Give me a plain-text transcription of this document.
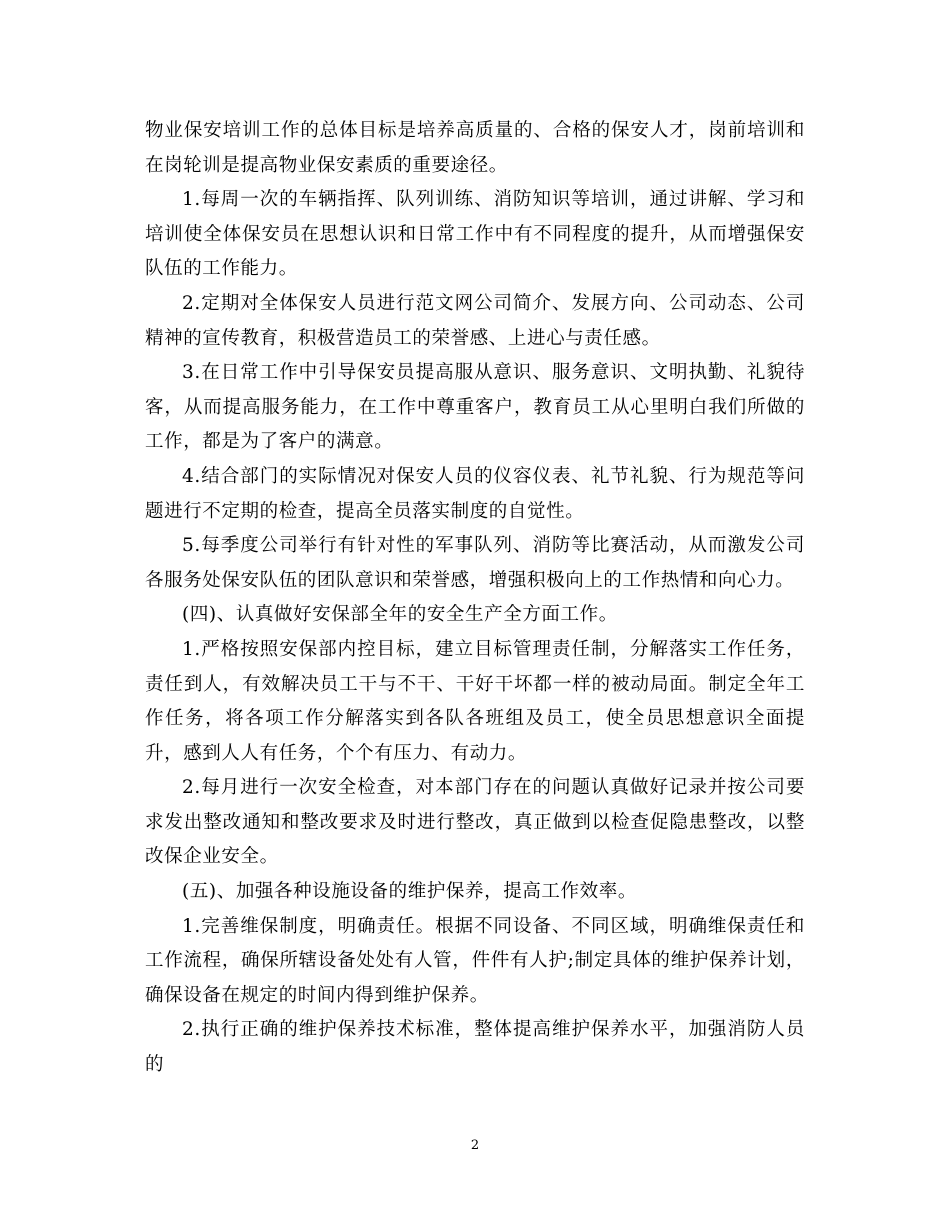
物业保安培训工作的总体目标是培养高质量的、合格的保安人才，岗前培训和在岗轮训是提高物业保安素质的重要途径。

1.每周一次的车辆指挥、队列训练、消防知识等培训，通过讲解、学习和培训使全体保安员在思想认识和日常工作中有不同程度的提升，从而增强保安队伍的工作能力。

2.定期对全体保安人员进行范文网公司简介、发展方向、公司动态、公司精神的宣传教育，积极营造员工的荣誉感、上进心与责任感。

3.在日常工作中引导保安员提高服从意识、服务意识、文明执勤、礼貌待客，从而提高服务能力，在工作中尊重客户，教育员工从心里明白我们所做的工作，都是为了客户的满意。

4.结合部门的实际情况对保安人员的仪容仪表、礼节礼貌、行为规范等问题进行不定期的检查，提高全员落实制度的自觉性。

5.每季度公司举行有针对性的军事队列、消防等比赛活动，从而激发公司各服务处保安队伍的团队意识和荣誉感，增强积极向上的工作热情和向心力。

(四)、认真做好安保部全年的安全生产全方面工作。

1.严格按照安保部内控目标，建立目标管理责任制，分解落实工作任务，责任到人，有效解决员工干与不干、干好干坏都一样的被动局面。制定全年工作任务，将各项工作分解落实到各队各班组及员工，使全员思想意识全面提升，感到人人有任务，个个有压力、有动力。

2.每月进行一次安全检查，对本部门存在的问题认真做好记录并按公司要求发出整改通知和整改要求及时进行整改，真正做到以检查促隐患整改，以整改保企业安全。

(五)、加强各种设施设备的维护保养，提高工作效率。

1.完善维保制度，明确责任。根据不同设备、不同区域，明确维保责任和工作流程，确保所辖设备处处有人管，件件有人护;制定具体的维护保养计划，确保设备在规定的时间内得到维护保养。

2.执行正确的维护保养技术标准，整体提高维护保养水平，加强消防人员的

2
